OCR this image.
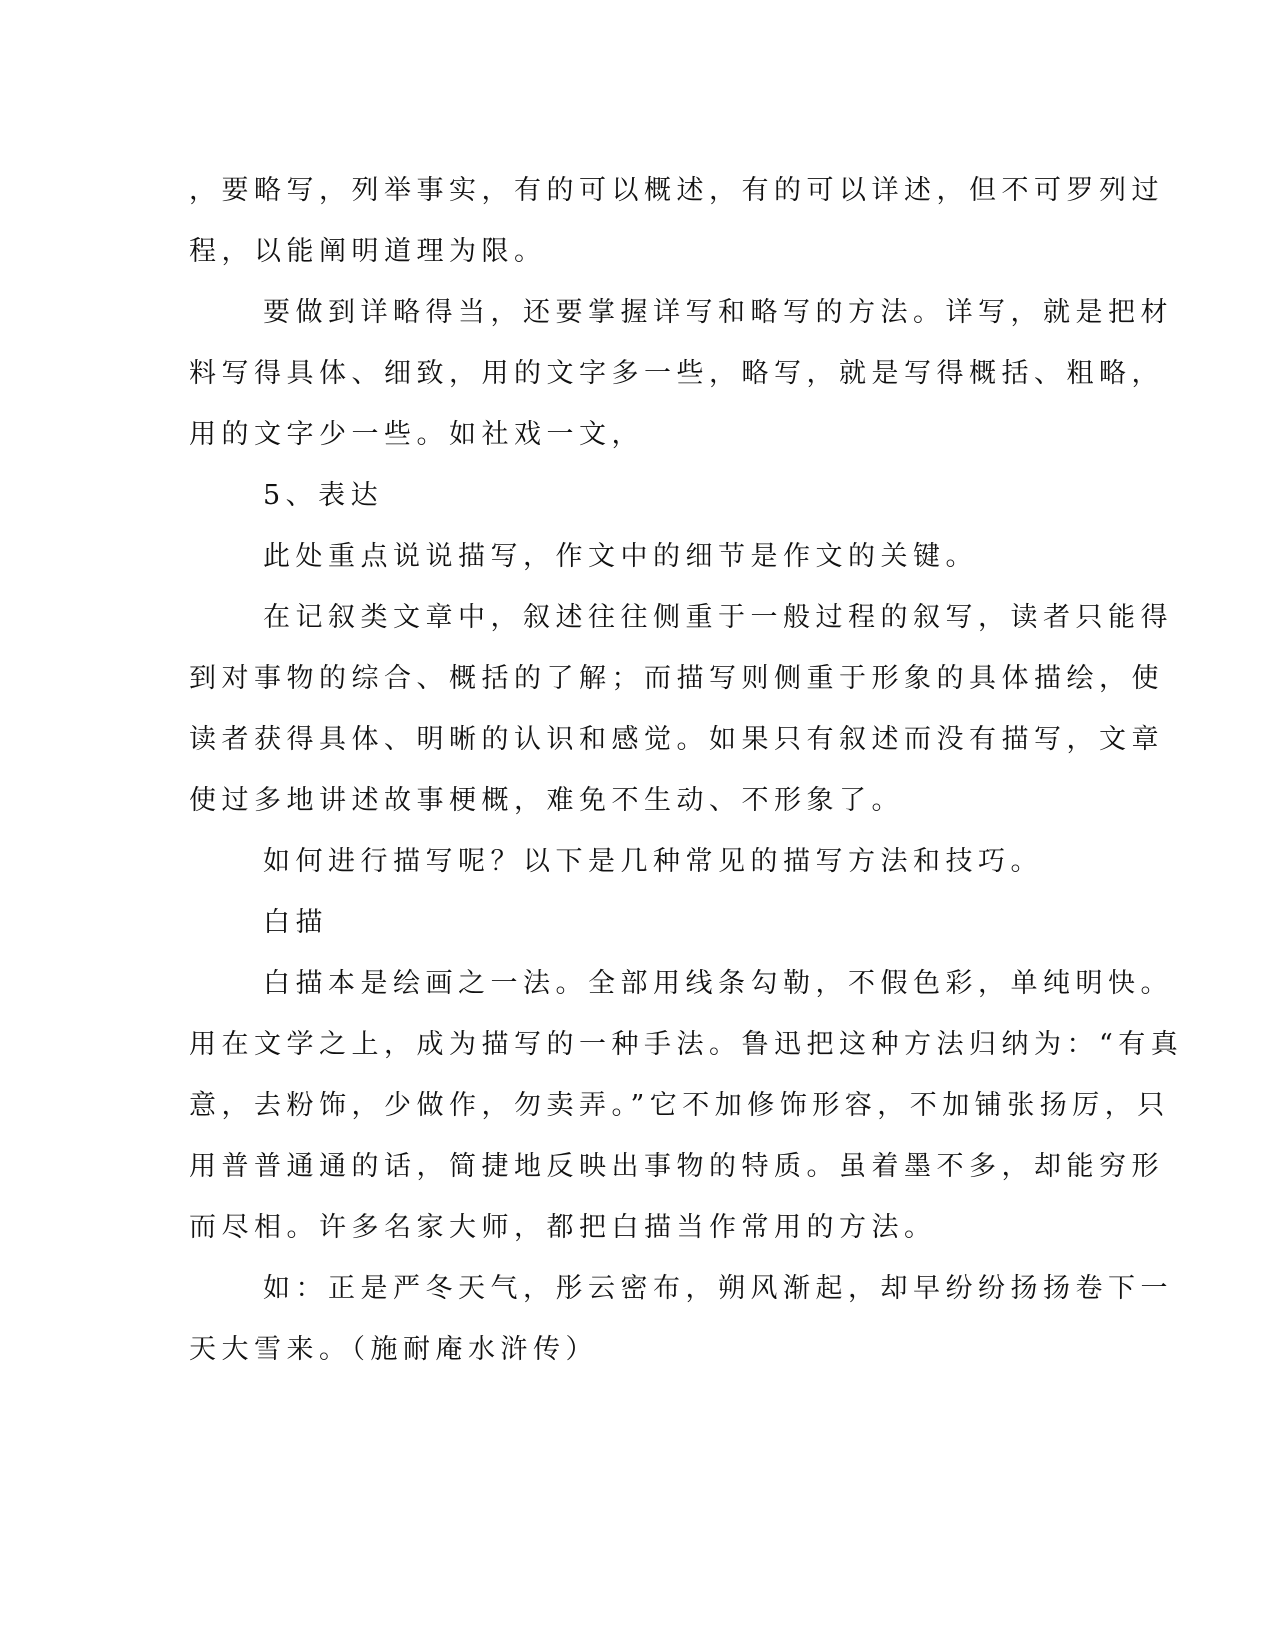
，要略写，列举事实，有的可以概述，有的可以详述，但不可罗列过
程，以能阐明道理为限。

要做到详略得当，还要掌握详写和略写的方法。详写，就是把材
料写得具体、细致，用的文字多一些，略写，就是写得概括、粗略，
用的文字少一些。如社戏一文，

5、表达

此处重点说说描写，作文中的细节是作文的关键。

在记叙类文章中，叙述往往侧重于一般过程的叙写，读者只能得
到对事物的综合、概括的了解；而描写则侧重于形象的具体描绘，使
读者获得具体、明晰的认识和感觉。如果只有叙述而没有描写，文章
使过多地讲述故事梗概，难免不生动、不形象了。

如何进行描写呢？以下是几种常见的描写方法和技巧。

白描

白描本是绘画之一法。全部用线条勾勒，不假色彩，单纯明快。
用在文学之上，成为描写的一种手法。鲁迅把这种方法归纳为：“有真
意，去粉饰，少做作，勿卖弄。”它不加修饰形容，不加铺张扬厉，只
用普普通通的话，简捷地反映出事物的特质。虽着墨不多，却能穷形
而尽相。许多名家大师，都把白描当作常用的方法。

如：正是严冬天气，彤云密布，朔风渐起，却早纷纷扬扬卷下一
天大雪来。（施耐庵水浒传）
